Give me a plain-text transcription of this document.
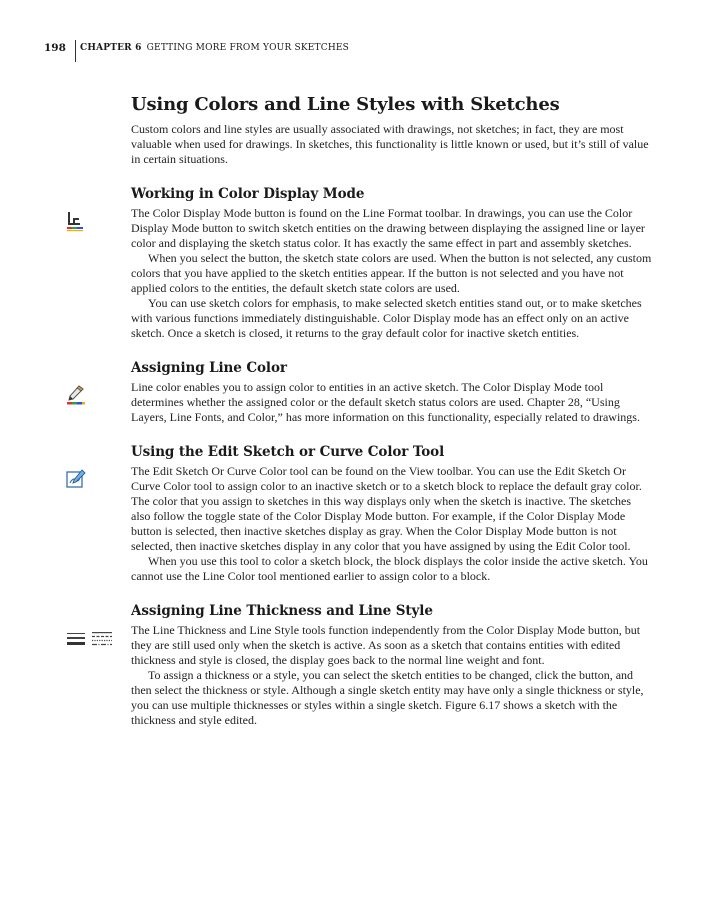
198 CHAPTER 6 GETTING MORE FROM YOUR SKETCHES
Using Colors and Line Styles with Sketches

Custom colors and line styles are usually associated with drawings, not sketches; in fact, they are most valuable when used for drawings. In sketches, this functionality is little known or used, but it’s still of value in certain situations.

Working in Color Display Mode

The Color Display Mode button is found on the Line Format toolbar. In drawings, you can use the Color Display Mode button to switch sketch entities on the drawing between displaying the assigned line or layer color and displaying the sketch status color. It has exactly the same effect in part and assembly sketches.

When you select the button, the sketch state colors are used. When the button is not selected, any custom colors that you have applied to the sketch entities appear. If the button is not selected and you have not applied colors to the entities, the default sketch state colors are used.

You can use sketch colors for emphasis, to make selected sketch entities stand out, or to make sketches with various functions immediately distinguishable. Color Display mode has an effect only on an active sketch. Once a sketch is closed, it returns to the gray default color for inactive sketch entities.

Assigning Line Color

Line color enables you to assign color to entities in an active sketch. The Color Display Mode tool determines whether the assigned color or the default sketch status colors are used. Chapter 28, “Using Layers, Line Fonts, and Color,” has more information on this functionality, especially related to drawings.

Using the Edit Sketch or Curve Color Tool

The Edit Sketch Or Curve Color tool can be found on the View toolbar. You can use the Edit Sketch Or Curve Color tool to assign color to an inactive sketch or to a sketch block to replace the default gray color. The color that you assign to sketches in this way displays only when the sketch is inactive. The sketches also follow the toggle state of the Color Display Mode button. For example, if the Color Display Mode button is selected, then inactive sketches display as gray. When the Color Display Mode button is not selected, then inactive sketches display in any color that you have assigned by using the Edit Color tool.

When you use this tool to color a sketch block, the block displays the color inside the active sketch. You cannot use the Line Color tool mentioned earlier to assign color to a block.

Assigning Line Thickness and Line Style

The Line Thickness and Line Style tools function independently from the Color Display Mode button, but they are still used only when the sketch is active. As soon as a sketch that contains entities with edited thickness and style is closed, the display goes back to the normal line weight and font.

To assign a thickness or a style, you can select the sketch entities to be changed, click the button, and then select the thickness or style. Although a single sketch entity may have only a single thickness or style, you can use multiple thicknesses or styles within a single sketch. Figure 6.17 shows a sketch with the thickness and style edited.
